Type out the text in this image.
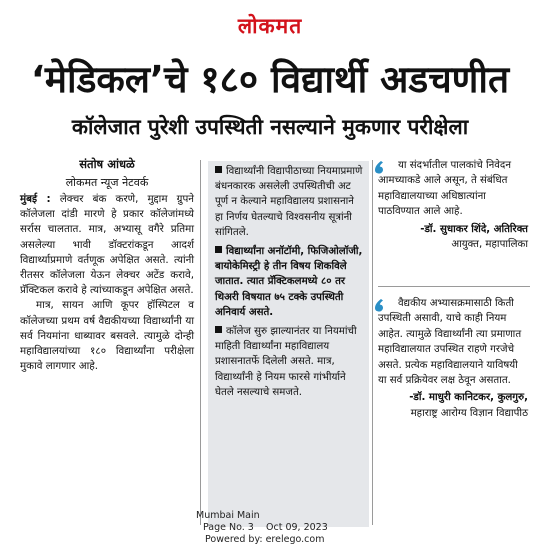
लोकमत
‘मेडिकल’चे १८० विद्यार्थी अडचणीत
कॉलेजात पुरेशी उपस्थिती नसल्याने मुकणार परीक्षेला
संतोष आंधळे
लोकमत न्यूज नेटवर्क

मुंबई : लेक्चर बंक करणे, मुद्दाम ग्रुपने कॉलेजला दांडी मारणे हे प्रकार कॉलेजांमध्ये सर्रास चालतात. मात्र, अभ्यासू वगैरे प्रतिमा असलेल्या भावी डॉक्टरांकडून आदर्श विद्यार्थ्याप्रमाणे वर्तणूक अपेक्षित असते. त्यांनी रीतसर कॉलेजला येऊन लेक्चर अटेंड करावे, प्रॅक्टिकल करावे हे त्यांच्याकडून अपेक्षित असते.

मात्र, सायन आणि कूपर हॉस्पिटल व कॉलेजच्या प्रथम वर्ष वैद्यकीयच्या विद्यार्थ्यांनी या सर्व नियमांना धाब्यावर बसवले. त्यामुळे दोन्ही महाविद्यालयांच्या १८० विद्यार्थ्यांना परीक्षेला मुकावे लागणार आहे.

विद्यार्थ्यांनी विद्यापीठाच्या नियमाप्रमाणे बंधनकारक असलेली उपस्थितीची अट पूर्ण न केल्याने महाविद्यालय प्रशासनाने हा निर्णय घेतल्याचे विश्वसनीय सूत्रांनी सांगितले.
विद्यार्थ्यांना अनॉटॉमी, फिजिओलॉजी, बायोकेमिस्ट्री हे तीन विषय शिकविले जातात. त्यात प्रॅक्टिकलमध्ये ८० तर थिअरी विषयात ७५ टक्के उपस्थिती अनिवार्य असते.
कॉलेज सुरु झाल्यानंतर या नियमांची माहिती विद्यार्थ्यांना महाविद्यालय प्रशासनातर्फे दिलेली असते. मात्र, विद्यार्थ्यांनी हे नियम फारसे गांभीर्याने घेतले नसल्याचे समजते.
या संदर्भातील पालकांचे निवेदन आमच्याकडे आले असून, ते संबंधित महाविद्यालयाच्या अधिष्ठात्यांना पाठविण्यात आले आहे.
-डॉ. सुधाकर शिंदे, अतिरिक्त
आयुक्त, महापालिका
वैद्यकीय अभ्यासक्रमासाठी किती उपस्थिती असावी, याचे काही नियम आहेत. त्यामुळे विद्यार्थ्यांनी त्या प्रमाणात महाविद्यालयात उपस्थित राहणे गरजेचे असते. प्रत्येक महाविद्यालयाने याविषयी या सर्व प्रक्रियेवर लक्ष ठेवून असतात.
-डॉ. माधुरी कानिटकर, कुलगुरु,
महाराष्ट्र आरोग्य विज्ञान विद्यापीठ
Mumbai Main
Page No. 3 Oct 09, 2023
Powered by: erelego.com
